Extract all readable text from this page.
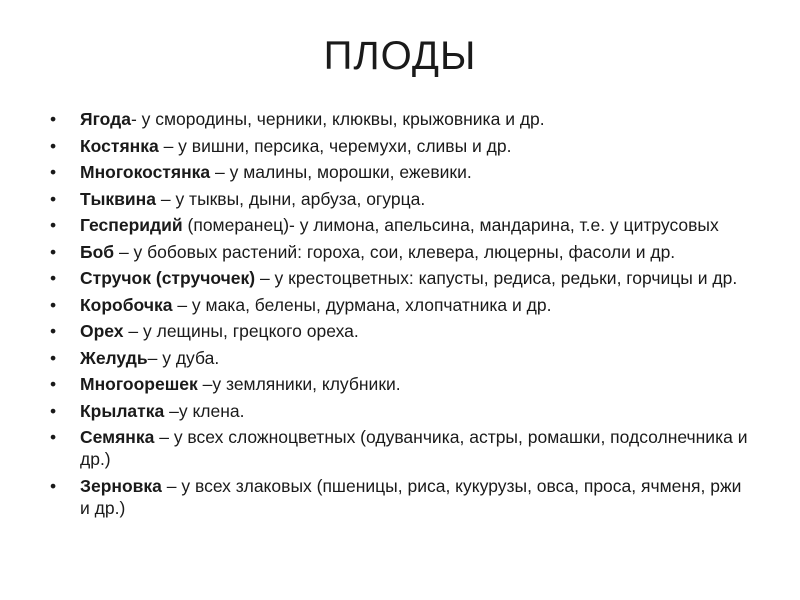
ПЛОДЫ
• Ягода- у смородины, черники, клюквы, крыжовника и др.
• Костянка – у вишни, персика, черемухи, сливы и др.
• Многокостянка – у малины, морошки, ежевики.
• Тыквина – у тыквы, дыни, арбуза, огурца.
• Гесперидий (померанец)- у лимона, апельсина, мандарина, т.е. у цитрусовых
• Боб – у бобовых растений: гороха, сои, клевера, люцерны, фасоли и др.
• Стручок (стручочек) – у крестоцветных: капусты, редиса, редьки, горчицы и др.
• Коробочка – у мака, белены, дурмана, хлопчатника и др.
• Орех – у лещины, грецкого ореха.
• Желудь– у дуба.
• Многоорешек –у земляники, клубники.
• Крылатка –у клена.
• Семянка – у всех сложноцветных (одуванчика, астры, ромашки, подсолнечника и др.)
• Зерновка – у всех злаковых (пшеницы, риса, кукурузы, овса, проса, ячменя, ржи и др.)
